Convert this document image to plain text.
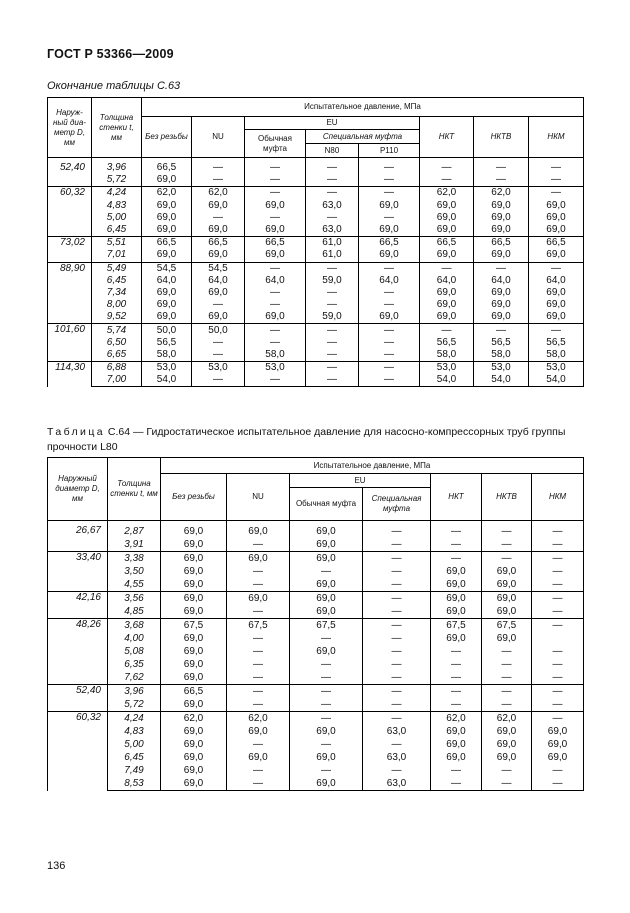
ГОСТ Р 53366—2009
Окончание таблицы С.63
Наруж-ный диа-метр D, мм	Толщина стенки t, мм	Испытательное давление, МПа							
		Без резьбы	NU	EU			НКТ	НКТВ	НКМ
				Обычная муфта	Специальная муфта				
					N80	P110			

52,40	3,96	66,5	—	—	—	—	—	—	—
	5,72	69,0	—	—	—	—	—	—	—
60,32	4,24	62,0	62,0	—	—	—	62,0	62,0	—
	4,83	69,0	69,0	69,0	63,0	69,0	69,0	69,0	69,0
	5,00	69,0	—	—	—	—	69,0	69,0	69,0
	6,45	69,0	69,0	69,0	63,0	69,0	69,0	69,0	69,0
73,02	5,51	66,5	66,5	66,5	61,0	66,5	66,5	66,5	66,5
	7,01	69,0	69,0	69,0	61,0	69,0	69,0	69,0	69,0
88,90	5,49	54,5	54,5	—	—	—	—	—	—
	6,45	64,0	64,0	64,0	59,0	64,0	64,0	64,0	64,0
	7,34	69,0	69,0	—	—	—	69,0	69,0	69,0
	8,00	69,0	—	—	—	—	69,0	69,0	69,0
	9,52	69,0	69,0	69,0	59,0	69,0	69,0	69,0	69,0
101,60	5,74	50,0	50,0	—	—	—	—	—	—
	6,50	56,5	—	—	—	—	56,5	56,5	56,5
	6,65	58,0	—	58,0	—	—	58,0	58,0	58,0
114,30	6,88	53,0	53,0	53,0	—	—	53,0	53,0	53,0
	7,00	54,0	—	—	—	—	54,0	54,0	54,0
Таблица С.64 — Гидростатическое испытательное давление для насосно-компрессорных труб группы прочности L80
Наружный диаметр D, мм	Толщина стенки t, мм	Испытательное давление, МПа						
		Без резьбы	NU	EU		НКТ	НКТВ	НКМ
				Обычная муфта	Специальная муфта			

26,67	2,87	69,0	69,0	69,0	—	—	—	—
	3,91	69,0	—	69,0	—	—	—	—
33,40	3,38	69,0	69,0	69,0	—	—	—	—
	3,50	69,0	—	—	—	69,0	69,0	—
	4,55	69,0	—	69,0	—	69,0	69,0	—
42,16	3,56	69,0	69,0	69,0	—	69,0	69,0	—
	4,85	69,0	—	69,0	—	69,0	69,0	—
48,26	3,68	67,5	67,5	67,5	—	67,5	67,5	—
	4,00	69,0	—	—	—	69,0	69,0	
	5,08	69,0	—	69,0	—	—	—	—
	6,35	69,0	—	—	—	—	—	—
	7,62	69,0	—	—	—	—	—	—
52,40	3,96	66,5	—	—	—	—	—	—
	5,72	69,0	—	—	—	—	—	—
60,32	4,24	62,0	62,0	—	—	62,0	62,0	—
	4,83	69,0	69,0	69,0	63,0	69,0	69,0	69,0
	5,00	69,0	—	—	—	69,0	69,0	69,0
	6,45	69,0	69,0	69,0	63,0	69,0	69,0	69,0
	7,49	69,0	—	—	—	—	—	—
	8,53	69,0	—	69,0	63,0	—	—	—
136
